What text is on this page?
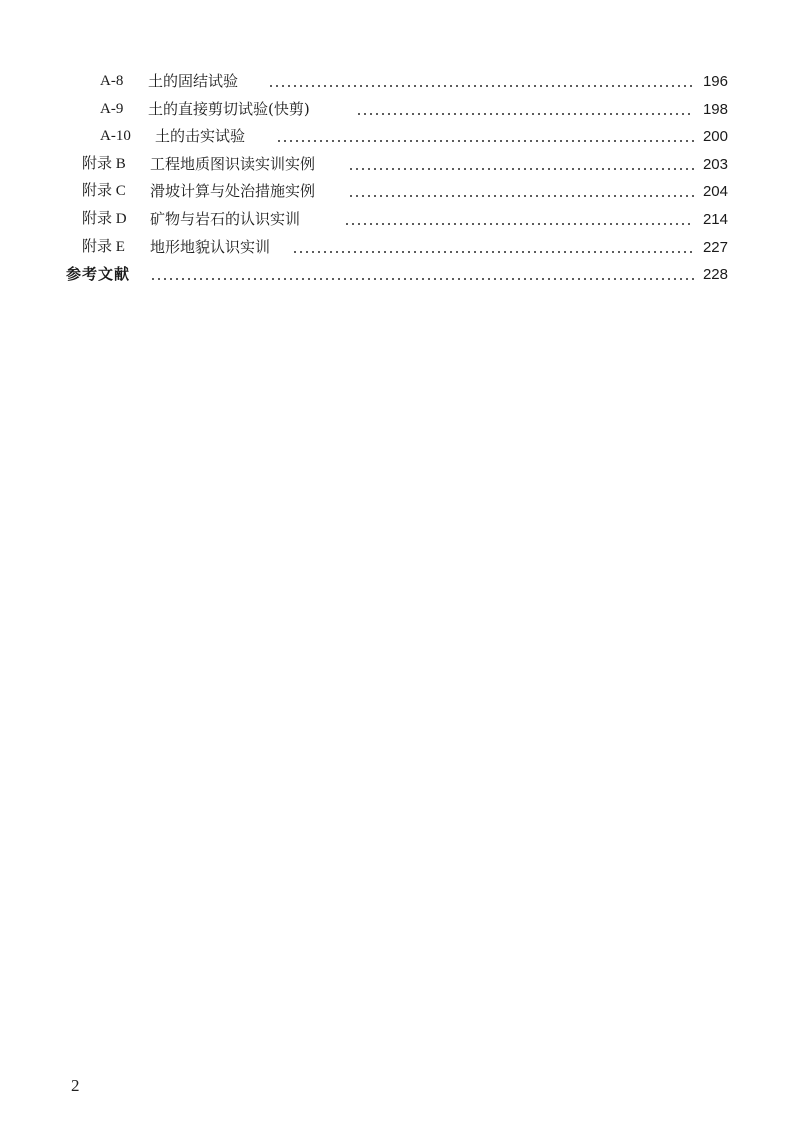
A-8 土的固结试验	196
A-9 土的直接剪切试验(快剪)	198
A-10 土的击实试验	200
附录 B 工程地质图识读实训实例	203
附录 C 滑坡计算与处治措施实例	204
附录 D 矿物与岩石的认识实训	214
附录 E 地形地貌认识实训	227
参考文献	228
2
